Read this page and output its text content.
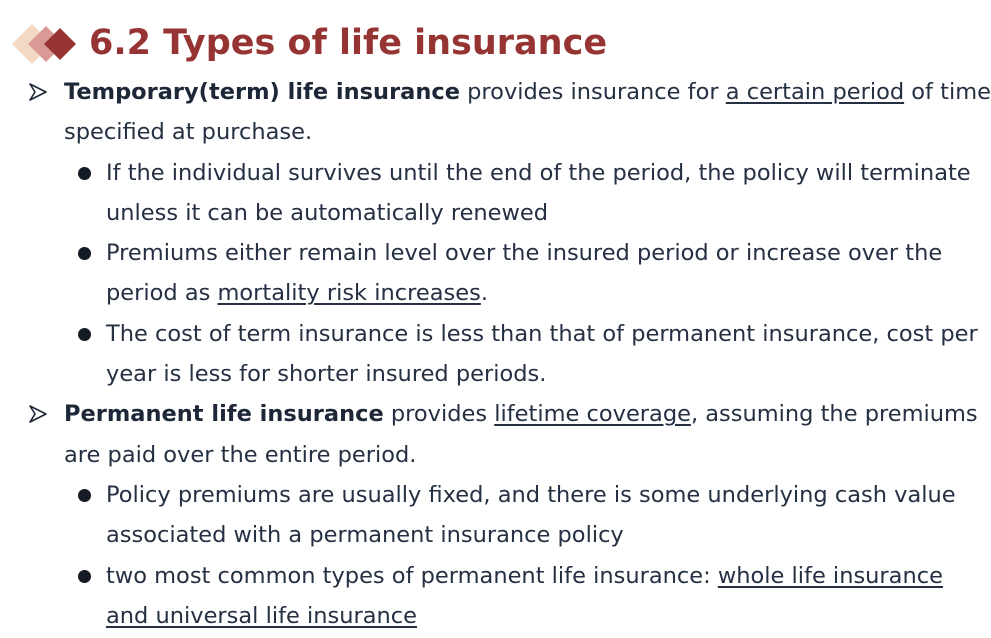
6.2 Types of life insurance
Temporary(term) life insurance provides insurance for a certain period of time
specified at purchase.
If the individual survives until the end of the period, the policy will terminate
unless it can be automatically renewed
Premiums either remain level over the insured period or increase over the
period as mortality risk increases.
The cost of term insurance is less than that of permanent insurance, cost per
year is less for shorter insured periods.
Permanent life insurance provides lifetime coverage, assuming the premiums
are paid over the entire period.
Policy premiums are usually fixed, and there is some underlying cash value
associated with a permanent insurance policy
two most common types of permanent life insurance: whole life insurance
and universal life insurance
